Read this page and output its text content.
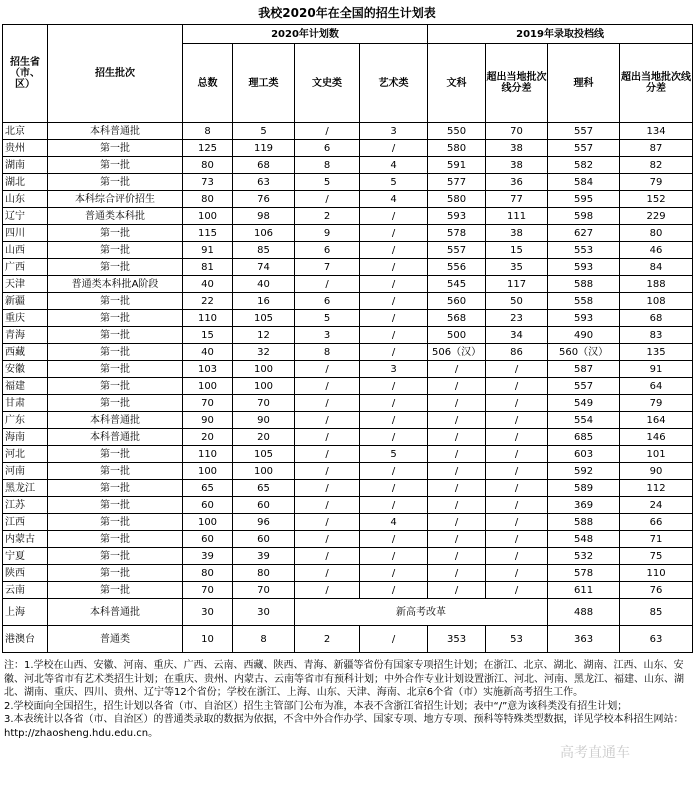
我校2020年在全国的招生计划表
招生省（市、区）	招生批次	2020年计划数				2019年录取投档线			
		总数	理工类	文史类	艺术类	文科	超出当地批次线分差	理科	超出当地批次线分差
北京	本科普通批	8	5	/	3	550	70	557	134
贵州	第一批	125	119	6	/	580	38	557	87
湖南	第一批	80	68	8	4	591	38	582	82
湖北	第一批	73	63	5	5	577	36	584	79
山东	本科综合评价招生	80	76	/	4	580	77	595	152
辽宁	普通类本科批	100	98	2	/	593	111	598	229
四川	第一批	115	106	9	/	578	38	627	80
山西	第一批	91	85	6	/	557	15	553	46
广西	第一批	81	74	7	/	556	35	593	84
天津	普通类本科批A阶段	40	40	/	/	545	117	588	188
新疆	第一批	22	16	6	/	560	50	558	108
重庆	第一批	110	105	5	/	568	23	593	68
青海	第一批	15	12	3	/	500	34	490	83
西藏	第一批	40	32	8	/	506（汉）	86	560（汉）	135
安徽	第一批	103	100	/	3	/	/	587	91
福建	第一批	100	100	/	/	/	/	557	64
甘肃	第一批	70	70	/	/	/	/	549	79
广东	本科普通批	90	90	/	/	/	/	554	164
海南	本科普通批	20	20	/	/	/	/	685	146
河北	第一批	110	105	/	5	/	/	603	101
河南	第一批	100	100	/	/	/	/	592	90
黑龙江	第一批	65	65	/	/	/	/	589	112
江苏	第一批	60	60	/	/	/	/	369	24
江西	第一批	100	96	/	4	/	/	588	66
内蒙古	第一批	60	60	/	/	/	/	548	71
宁夏	第一批	39	39	/	/	/	/	532	75
陕西	第一批	80	80	/	/	/	/	578	110
云南	第一批	70	70	/	/	/	/	611	76
上海	本科普通批	30	30	新高考改革				488	85
港澳台	普通类	10	8	2	/	353	53	363	63
注：1.学校在山西、安徽、河南、重庆、广西、云南、西藏、陕西、青海、新疆等省份有国家专项招生计划；在浙江、北京、湖北、湖南、江西、山东、安徽、河北等省市有艺术类招生计划；在重庆、贵州、内蒙古、云南等省市有预科计划；中外合作专业计划设置浙江、河北、河南、黑龙江、福建、山东、湖北、湖南、重庆、四川、贵州、辽宁等12个省份；学校在浙江、上海、山东、天津、海南、北京6个省（市）实施新高考招生工作。
2.学校面向全国招生，招生计划以各省（市、自治区）招生主管部门公布为准，本表不含浙江省招生计划；表中“/”意为该科类没有招生计划；
3.本表统计以各省（市、自治区）的普通类录取的数据为依据，不含中外合作办学、国家专项、地方专项、预科等特殊类型数据，详见学校本科招生网站：http://zhaosheng.hdu.edu.cn。
高考直通车
